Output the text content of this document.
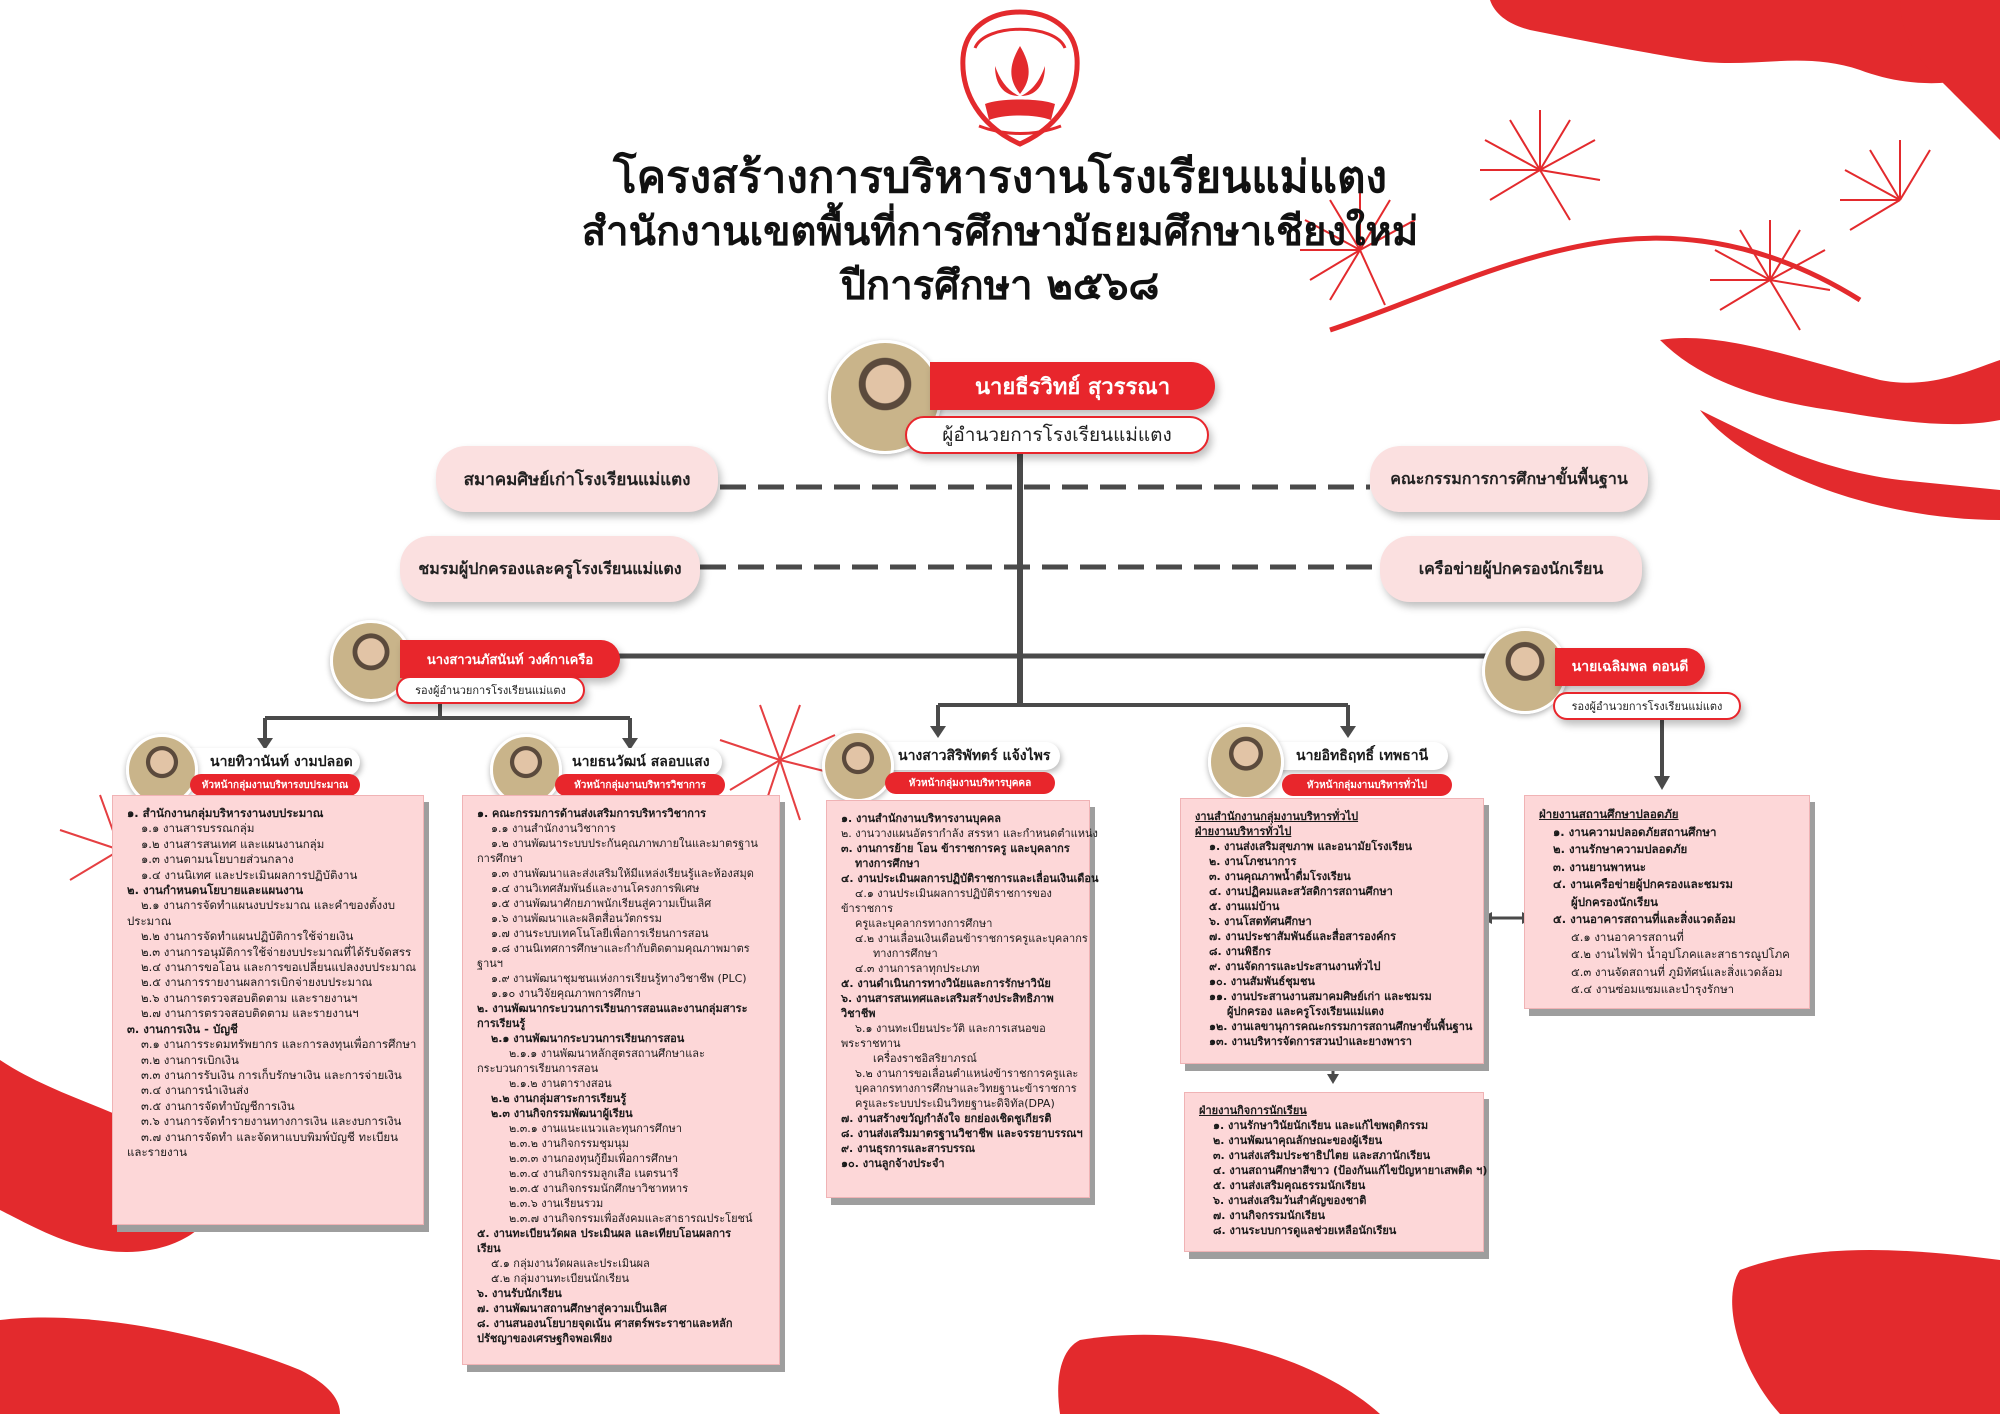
โครงสร้างการบริหารงานโรงเรียนแม่แตง
สำนักงานเขตพื้นที่การศึกษามัธยมศึกษาเชียงใหม่
ปีการศึกษา ๒๕๖๘
นายธีรวิทย์ สุวรรณา
ผู้อำนวยการโรงเรียนแม่แตง
สมาคมศิษย์เก่าโรงเรียนแม่แตง
ชมรมผู้ปกครองและครูโรงเรียนแม่แตง
คณะกรรมการการศึกษาขั้นพื้นฐาน
เครือข่ายผู้ปกครองนักเรียน
นางสาวนภัสนันท์ วงศ์กาเครือ
รองผู้อำนวยการโรงเรียนแม่แตง
นายเฉลิมพล ดอนดี
รองผู้อำนวยการโรงเรียนแม่แตง
นายทิวานันท์ งามปลอด
หัวหน้ากลุ่มงานบริหารงบประมาณ
นายธนวัฒน์ สลอบแสง
หัวหน้ากลุ่มงานบริหารวิชาการ
นางสาวสิริพัทตร์ แจ้งไพร
หัวหน้ากลุ่มงานบริหารบุคคล
นายอิทธิฤทธิ์ เทพธานี
หัวหน้ากลุ่มงานบริหารทั่วไป
๑. สำนักงานกลุ่มบริหารงานงบประมาณ
๑.๑ งานสารบรรณกลุ่ม
๑.๒ งานสารสนเทศ และแผนงานกลุ่ม
๑.๓ งานตามนโยบายส่วนกลาง
๑.๔ งานนิเทศ และประเมินผลการปฏิบัติงาน
๒. งานกำหนดนโยบายและแผนงาน
๒.๑ งานการจัดทำแผนงบประมาณ และคำของตั้งงบ
ประมาณ
๒.๒ งานการจัดทำแผนปฏิบัติการใช้จ่ายเงิน
๒.๓ งานการอนุมัติการใช้จ่ายงบประมาณที่ได้รับจัดสรร
๒.๔ งานการขอโอน และการขอเปลี่ยนแปลงงบประมาณ
๒.๕ งานการรายงานผลการเบิกจ่ายงบประมาณ
๒.๖ งานการตรวจสอบติดตาม และรายงานฯ
๒.๗ งานการตรวจสอบติดตาม และรายงานฯ
๓. งานการเงิน - บัญชี
๓.๑ งานการระดมทรัพยากร และการลงทุนเพื่อการศึกษา
๓.๒ งานการเบิกเงิน
๓.๓ งานการรับเงิน การเก็บรักษาเงิน และการจ่ายเงิน
๓.๔ งานการนำเงินส่ง
๓.๕ งานการจัดทำบัญชีการเงิน
๓.๖ งานการจัดทำรายงานทางการเงิน และงบการเงิน
๓.๗ งานการจัดทำ และจัดหาแบบพิมพ์บัญชี ทะเบียน
และรายงาน
๑. คณะกรรมการด้านส่งเสริมการบริหารวิชาการ
๑.๑ งานสำนักงานวิชาการ
๑.๒ งานพัฒนาระบบประกันคุณภาพภายในและมาตรฐาน
การศึกษา
๑.๓ งานพัฒนาและส่งเสริมให้มีแหล่งเรียนรู้และห้องสมุด
๑.๔ งานวิเทศสัมพันธ์และงานโครงการพิเศษ
๑.๕ งานพัฒนาศักยภาพนักเรียนสู่ความเป็นเลิศ
๑.๖ งานพัฒนาและผลิตสื่อนวัตกรรม
๑.๗ งานระบบเทคโนโลยีเพื่อการเรียนการสอน
๑.๘ งานนิเทศการศึกษาและกำกับติดตามคุณภาพมาตร
ฐานฯ
๑.๙ งานพัฒนาชุมชนแห่งการเรียนรู้ทางวิชาชีพ (PLC)
๑.๑๐ งานวิจัยคุณภาพการศึกษา
๒. งานพัฒนากระบวนการเรียนการสอนและงานกลุ่มสาระ
การเรียนรู้
๒.๑ งานพัฒนากระบวนการเรียนการสอน
๒.๑.๑ งานพัฒนาหลักสูตรสถานศึกษาและ
กระบวนการเรียนการสอน
๒.๑.๒ งานตารางสอน
๒.๒ งานกลุ่มสาระการเรียนรู้
๒.๓ งานกิจกรรมพัฒนาผู้เรียน
๒.๓.๑ งานแนะแนวและทุนการศึกษา
๒.๓.๒ งานกิจกรรมชุมนุม
๒.๓.๓ งานกองทุนกู้ยืมเพื่อการศึกษา
๒.๓.๔ งานกิจกรรมลูกเสือ เนตรนารี
๒.๓.๕ งานกิจกรรมนักศึกษาวิชาทหาร
๒.๓.๖ งานเรียนรวม
๒.๓.๗ งานกิจกรรมเพื่อสังคมและสาธารณประโยชน์
๕. งานทะเบียนวัดผล ประเมินผล และเทียบโอนผลการ
เรียน
๕.๑ กลุ่มงานวัดผลและประเมินผล
๕.๒ กลุ่มงานทะเบียนนักเรียน
๖. งานรับนักเรียน
๗. งานพัฒนาสถานศึกษาสู่ความเป็นเลิศ
๘. งานสนองนโยบายจุดเน้น ศาสตร์พระราชาและหลัก
ปรัชญาของเศรษฐกิจพอเพียง
๑. งานสำนักงานบริหารงานบุคคล
๒. งานวางแผนอัตรากำลัง สรรหา และกำหนดตำแหน่ง
๓. งานการย้าย โอน ข้าราชการครู และบุคลากร
ทางการศึกษา
๔. งานประเมินผลการปฏิบัติราชการและเลื่อนเงินเดือน
๔.๑ งานประเมินผลการปฏิบัติราชการของ
ข้าราชการ
ครูและบุคลากรทางการศึกษา
๔.๒ งานเลื่อนเงินเดือนข้าราชการครูและบุคลากร
ทางการศึกษา
๔.๓ งานการลาทุกประเภท
๕. งานดำเนินการทางวินัยและการรักษาวินัย
๖. งานสารสนเทศและเสริมสร้างประสิทธิภาพ
วิชาชีพ
๖.๑ งานทะเบียนประวัติ และการเสนอขอ
พระราชทาน
เครื่องราชอิสริยาภรณ์
๖.๒ งานการขอเลื่อนตำแหน่งข้าราชการครูและ
บุคลากรทางการศึกษาและวิทยฐานะข้าราชการ
ครูและระบบประเมินวิทยฐานะดิจิทัล(DPA)
๗. งานสร้างขวัญกำลังใจ ยกย่องเชิดชูเกียรติ
๘. งานส่งเสริมมาตรฐานวิชาชีพ และจรรยาบรรณฯ
๙. งานธุรการและสารบรรณ
๑๐. งานลูกจ้างประจำ
งานสำนักงานกลุ่มงานบริหารทั่วไป
ฝ่ายงานบริหารทั่วไป
๑. งานส่งเสริมสุขภาพ และอนามัยโรงเรียน
๒. งานโภชนาการ
๓. งานคุณภาพน้ำดื่มโรงเรียน
๔. งานปฏิคมและสวัสดิการสถานศึกษา
๕. งานแม่บ้าน
๖. งานโสตทัศนศึกษา
๗. งานประชาสัมพันธ์และสื่อสารองค์กร
๘. งานพิธีกร
๙. งานจัดการและประสานงานทั่วไป
๑๐. งานสัมพันธ์ชุมชน
๑๑. งานประสานงานสมาคมศิษย์เก่า และชมรม
ผู้ปกครอง และครูโรงเรียนแม่แตง
๑๒. งานเลขานุการคณะกรรมการสถานศึกษาขั้นพื้นฐาน
๑๓. งานบริหารจัดการสวนป่าและยางพารา
ฝ่ายงานกิจการนักเรียน
๑. งานรักษาวินัยนักเรียน และแก้ไขพฤติกรรม
๒. งานพัฒนาคุณลักษณะของผู้เรียน
๓. งานส่งเสริมประชาธิปไตย และสภานักเรียน
๔. งานสถานศึกษาสีขาว (ป้องกันแก้ไขปัญหายาเสพติด ฯ)
๕. งานส่งเสริมคุณธรรมนักเรียน
๖. งานส่งเสริมวันสำคัญของชาติ
๗. งานกิจกรรมนักเรียน
๘. งานระบบการดูแลช่วยเหลือนักเรียน
ฝ่ายงานสถานศึกษาปลอดภัย
๑. งานความปลอดภัยสถานศึกษา
๒. งานรักษาความปลอดภัย
๓. งานยานพาหนะ
๔. งานเครือข่ายผู้ปกครองและชมรม
ผู้ปกครองนักเรียน
๕. งานอาคารสถานที่และสิ่งแวดล้อม
๕.๑ งานอาคารสถานที่
๕.๒ งานไฟฟ้า น้ำอุปโภคและสาธารณูปโภค
๕.๓ งานจัดสถานที่ ภูมิทัศน์และสิ่งแวดล้อม
๕.๔ งานซ่อมแซมและบำรุงรักษา
